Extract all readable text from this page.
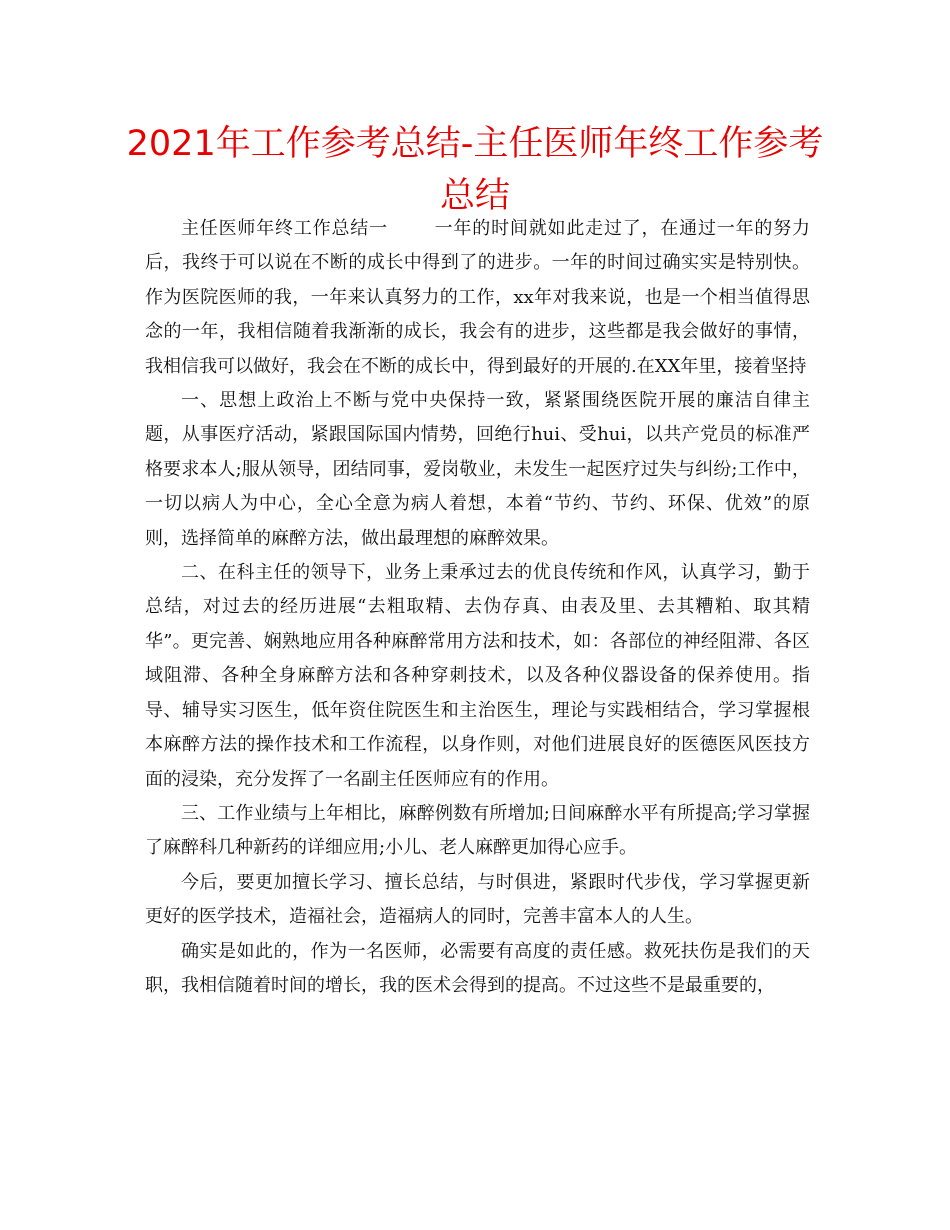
2021年工作参考总结-主任医师年终工作参考总结

主任医师年终工作总结一	一年的时间就如此走过了，在通过一年的努力后，我终于可以说在不断的成长中得到了的进步。一年的时间过确实实是特别快。作为医院医师的我，一年来认真努力的工作，xx年对我来说，也是一个相当值得思念的一年，我相信随着我渐渐的成长，我会有的进步，这些都是我会做好的事情，我相信我可以做好，我会在不断的成长中，得到最好的开展的.在XX年里，接着坚持

一、思想上政治上不断与党中央保持一致，紧紧围绕医院开展的廉洁自律主题，从事医疗活动，紧跟国际国内情势，回绝行hui、受hui，以共产党员的标准严格要求本人;服从领导，团结同事，爱岗敬业，未发生一起医疗过失与纠纷;工作中，一切以病人为中心，全心全意为病人着想，本着“节约、节约、环保、优效”的原则，选择简单的麻醉方法，做出最理想的麻醉效果。

二、在科主任的领导下，业务上秉承过去的优良传统和作风，认真学习，勤于总结，对过去的经历进展“去粗取精、去伪存真、由表及里、去其糟粕、取其精华”。更完善、娴熟地应用各种麻醉常用方法和技术，如：各部位的神经阻滞、各区域阻滞、各种全身麻醉方法和各种穿刺技术，以及各种仪器设备的保养使用。指导、辅导实习医生，低年资住院医生和主治医生，理论与实践相结合，学习掌握根本麻醉方法的操作技术和工作流程，以身作则，对他们进展良好的医德医风医技方面的浸染，充分发挥了一名副主任医师应有的作用。

三、工作业绩与上年相比，麻醉例数有所增加;日间麻醉水平有所提高;学习掌握了麻醉科几种新药的详细应用;小儿、老人麻醉更加得心应手。

今后，要更加擅长学习、擅长总结，与时俱进，紧跟时代步伐，学习掌握更新更好的医学技术，造福社会，造福病人的同时，完善丰富本人的人生。

确实是如此的，作为一名医师，必需要有高度的责任感。救死扶伤是我们的天职，我相信随着时间的增长，我的医术会得到的提高。不过这些不是最重要的，
